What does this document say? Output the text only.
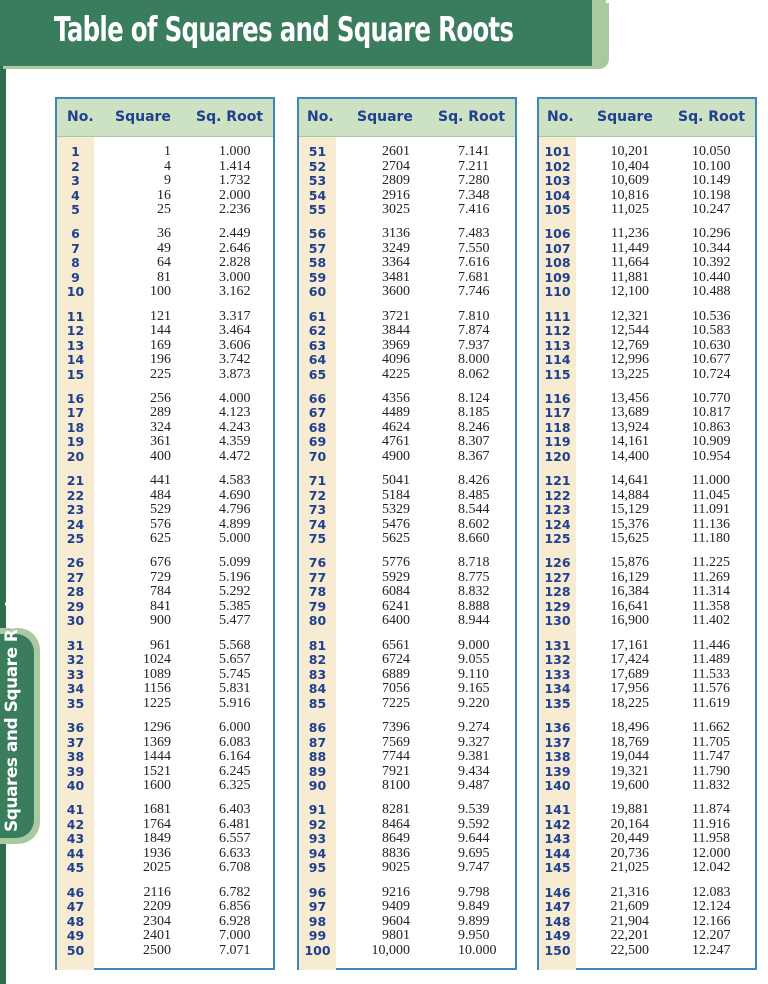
Table of Squares and Square Roots
Squares and Square Roots
No. Square Sq. Root
1	1	1.000
2	4	1.414
3	9	1.732
4	16	2.000
5	25	2.236
6	36	2.449
7	49	2.646
8	64	2.828
9	81	3.000
10	100	3.162
11	121	3.317
12	144	3.464
13	169	3.606
14	196	3.742
15	225	3.873
16	256	4.000
17	289	4.123
18	324	4.243
19	361	4.359
20	400	4.472
21	441	4.583
22	484	4.690
23	529	4.796
24	576	4.899
25	625	5.000
26	676	5.099
27	729	5.196
28	784	5.292
29	841	5.385
30	900	5.477
31	961	5.568
32	1024	5.657
33	1089	5.745
34	1156	5.831
35	1225	5.916
36	1296	6.000
37	1369	6.083
38	1444	6.164
39	1521	6.245
40	1600	6.325
41	1681	6.403
42	1764	6.481
43	1849	6.557
44	1936	6.633
45	2025	6.708
46	2116	6.782
47	2209	6.856
48	2304	6.928
49	2401	7.000
50	2500	7.071
No. Square Sq. Root
51	2601	7.141
52	2704	7.211
53	2809	7.280
54	2916	7.348
55	3025	7.416
56	3136	7.483
57	3249	7.550
58	3364	7.616
59	3481	7.681
60	3600	7.746
61	3721	7.810
62	3844	7.874
63	3969	7.937
64	4096	8.000
65	4225	8.062
66	4356	8.124
67	4489	8.185
68	4624	8.246
69	4761	8.307
70	4900	8.367
71	5041	8.426
72	5184	8.485
73	5329	8.544
74	5476	8.602
75	5625	8.660
76	5776	8.718
77	5929	8.775
78	6084	8.832
79	6241	8.888
80	6400	8.944
81	6561	9.000
82	6724	9.055
83	6889	9.110
84	7056	9.165
85	7225	9.220
86	7396	9.274
87	7569	9.327
88	7744	9.381
89	7921	9.434
90	8100	9.487
91	8281	9.539
92	8464	9.592
93	8649	9.644
94	8836	9.695
95	9025	9.747
96	9216	9.798
97	9409	9.849
98	9604	9.899
99	9801	9.950
100	10,000	10.000
No. Square Sq. Root
101	10,201	10.050
102	10,404	10.100
103	10,609	10.149
104	10,816	10.198
105	11,025	10.247
106	11,236	10.296
107	11,449	10.344
108	11,664	10.392
109	11,881	10.440
110	12,100	10.488
111	12,321	10.536
112	12,544	10.583
113	12,769	10.630
114	12,996	10.677
115	13,225	10.724
116	13,456	10.770
117	13,689	10.817
118	13,924	10.863
119	14,161	10.909
120	14,400	10.954
121	14,641	11.000
122	14,884	11.045
123	15,129	11.091
124	15,376	11.136
125	15,625	11.180
126	15,876	11.225
127	16,129	11.269
128	16,384	11.314
129	16,641	11.358
130	16,900	11.402
131	17,161	11.446
132	17,424	11.489
133	17,689	11.533
134	17,956	11.576
135	18,225	11.619
136	18,496	11.662
137	18,769	11.705
138	19,044	11.747
139	19,321	11.790
140	19,600	11.832
141	19,881	11.874
142	20,164	11.916
143	20,449	11.958
144	20,736	12.000
145	21,025	12.042
146	21,316	12.083
147	21,609	12.124
148	21,904	12.166
149	22,201	12.207
150	22,500	12.247
